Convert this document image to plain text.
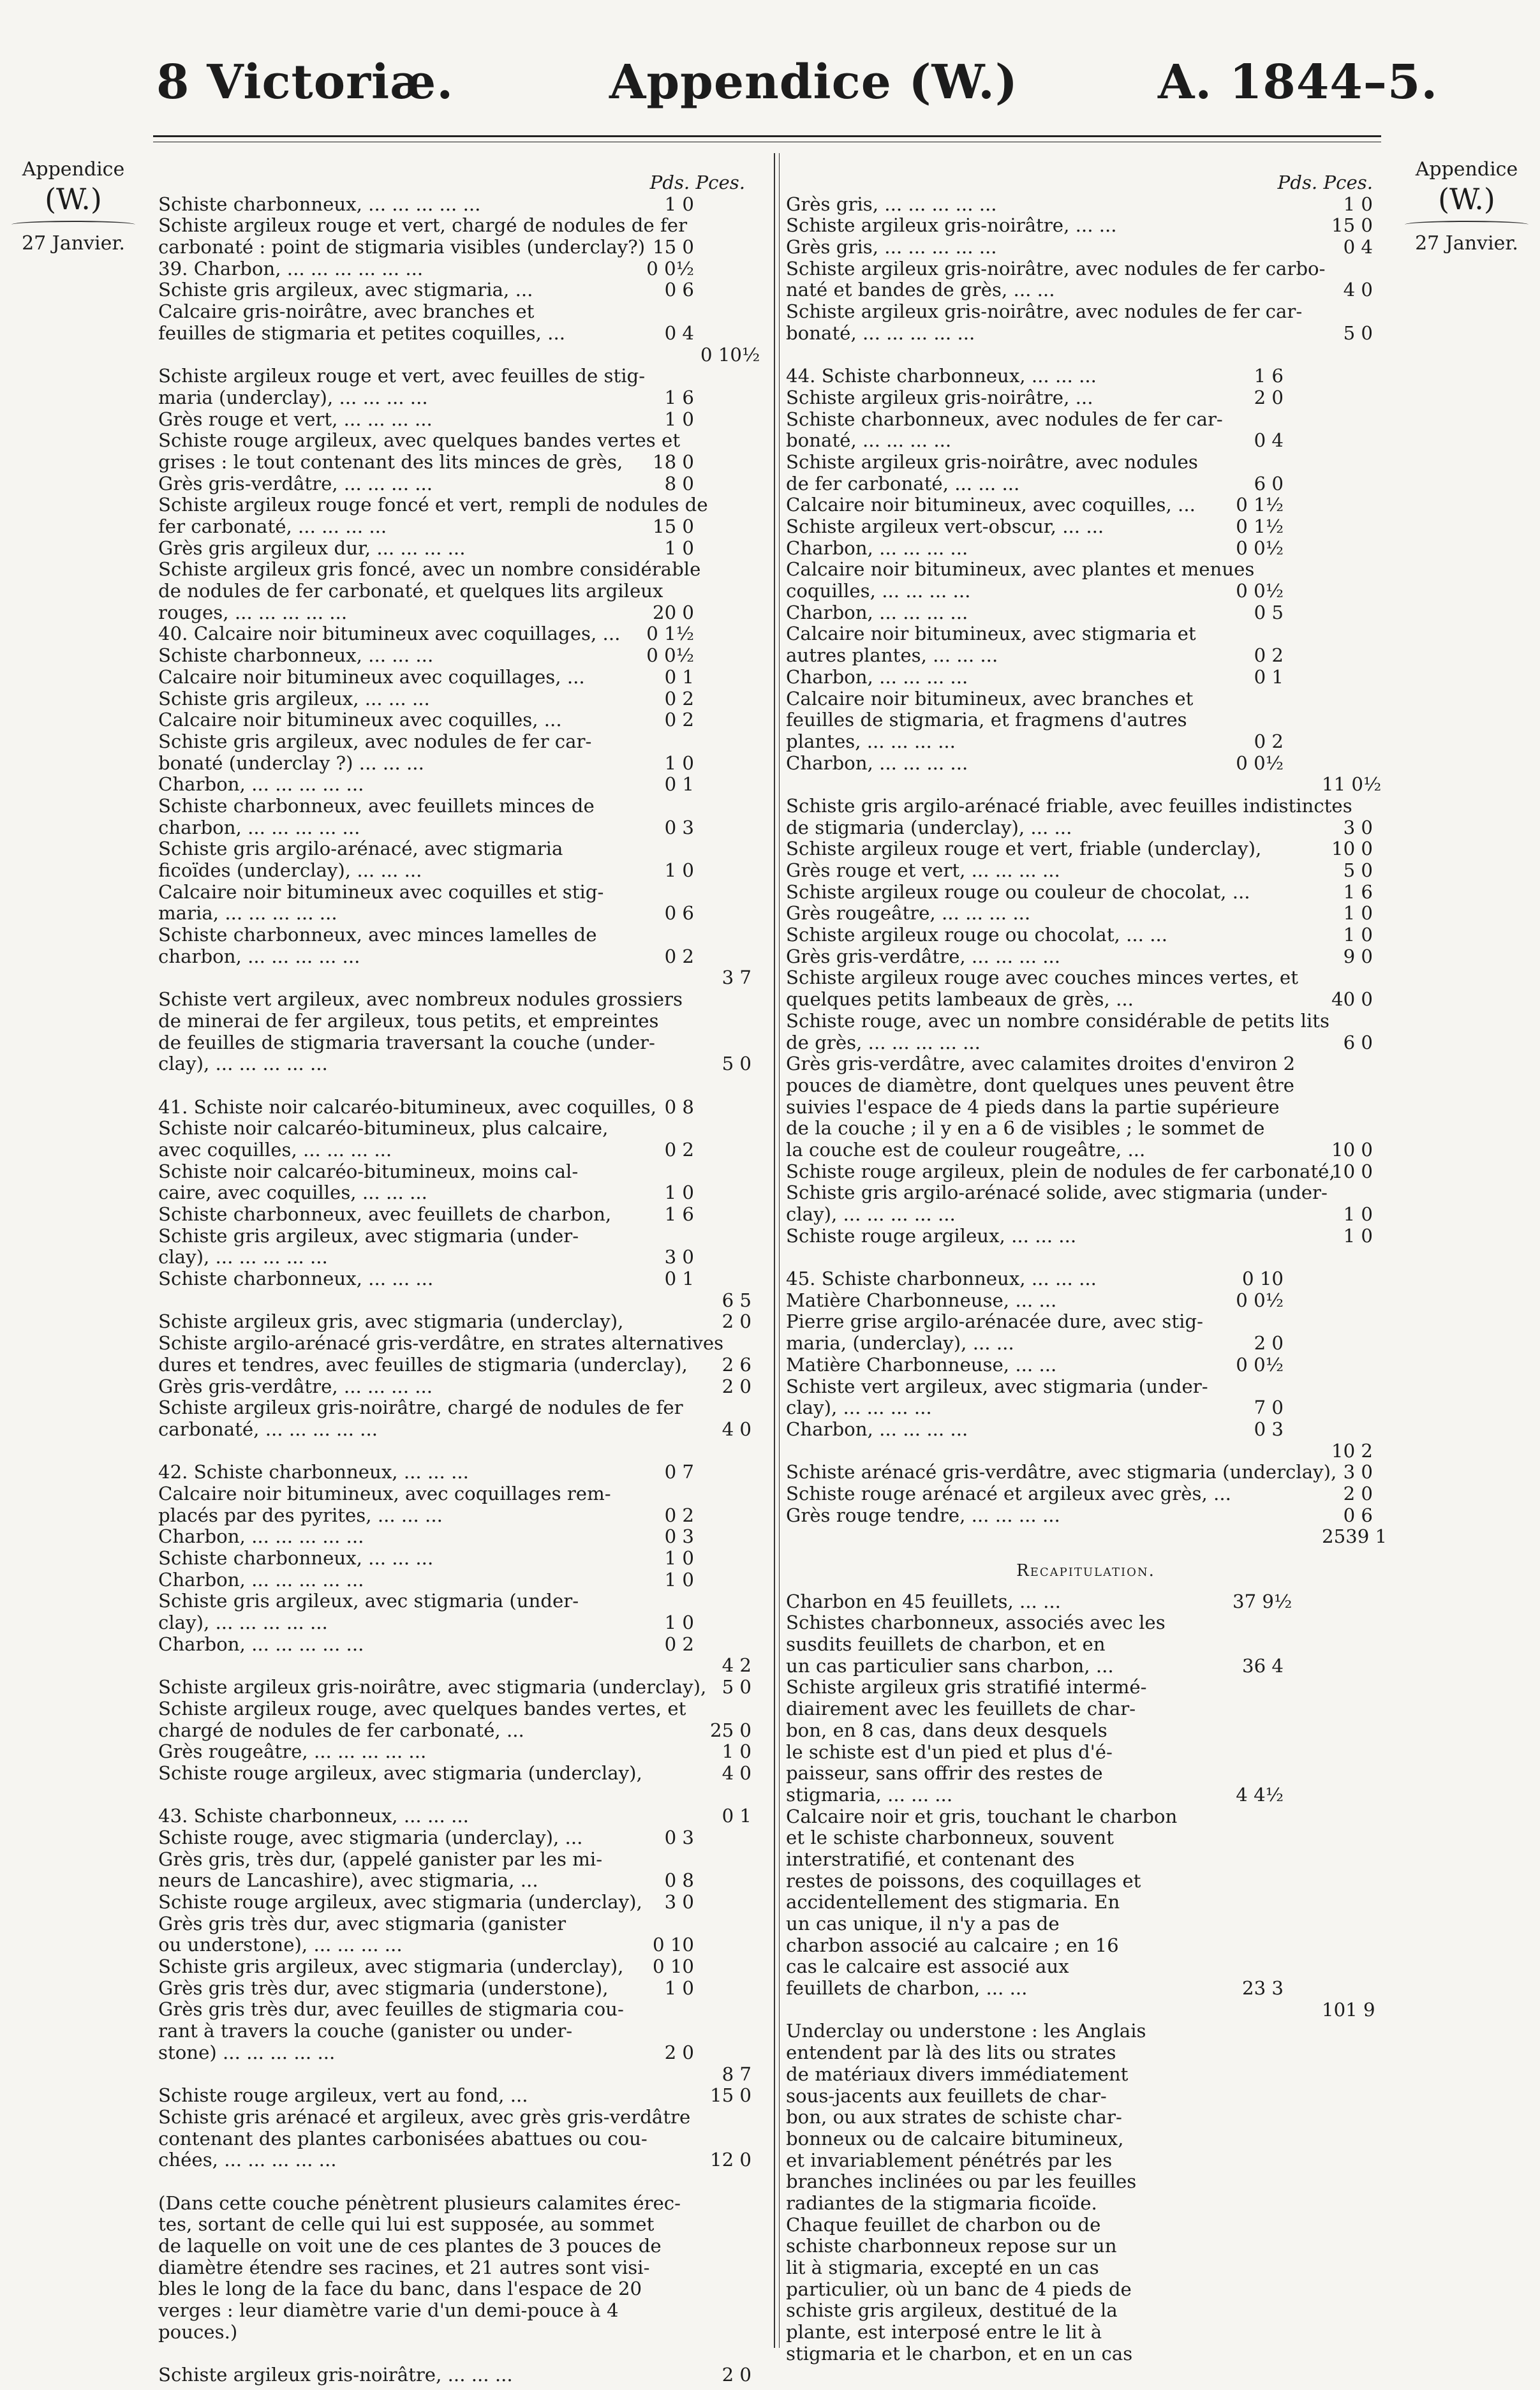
8 Victoriæ.	Appendice (W.)	A. 1844–5.
Appendice
(W.)
27 Janvier.
Appendice
(W.)
27 Janvier.
Pds. Pces.
Schiste charbonneux, ... ... ... ... ...	1 0
Schiste argileux rouge et vert, chargé de nodules de fer
carbonaté : point de stigmaria visibles (underclay?) 15 0
39. Charbon, ... ... ... ... ... ...	0 0½
Schiste gris argileux, avec stigmaria, ...	0 6
Calcaire gris-noirâtre, avec branches et
feuilles de stigmaria et petites coquilles, ...	0 4
0 10½
Schiste argileux rouge et vert, avec feuilles de stig-
maria (underclay), ... ... ... ...	1 6
Grès rouge et vert, ... ... ... ...	1 0
Schiste rouge argileux, avec quelques bandes vertes et
grises : le tout contenant des lits minces de grès,	18 0
Grès gris-verdâtre, ... ... ... ...	8 0
Schiste argileux rouge foncé et vert, rempli de nodules de
fer carbonaté, ... ... ... ...	15 0
Grès gris argileux dur, ... ... ... ...	1 0
Schiste argileux gris foncé, avec un nombre considérable
de nodules de fer carbonaté, et quelques lits argileux
rouges, ... ... ... ... ...	20 0
40. Calcaire noir bitumineux avec coquillages, ...	0 1½
Schiste charbonneux, ... ... ...	0 0½
Calcaire noir bitumineux avec coquillages, ...	0 1
Schiste gris argileux, ... ... ...	0 2
Calcaire noir bitumineux avec coquilles, ...	0 2
Schiste gris argileux, avec nodules de fer car-
bonaté (underclay ?) ... ... ...	1 0
Charbon, ... ... ... ... ...	0 1
Schiste charbonneux, avec feuillets minces de
charbon, ... ... ... ... ...	0 3
Schiste gris argilo-arénacé, avec stigmaria
ficoïdes (underclay), ... ... ...	1 0
Calcaire noir bitumineux avec coquilles et stig-
maria, ... ... ... ... ...	0 6
Schiste charbonneux, avec minces lamelles de
charbon, ... ... ... ... ...	0 2
3 7
Schiste vert argileux, avec nombreux nodules grossiers
de minerai de fer argileux, tous petits, et empreintes
de feuilles de stigmaria traversant la couche (under-
clay), ... ... ... ... ...	5 0
41. Schiste noir calcaréo-bitumineux, avec coquilles, 0 8
Schiste noir calcaréo-bitumineux, plus calcaire,
avec coquilles, ... ... ... ...	0 2
Schiste noir calcaréo-bitumineux, moins cal-
caire, avec coquilles, ... ... ...	1 0
Schiste charbonneux, avec feuillets de charbon,	1 6
Schiste gris argileux, avec stigmaria (under-
clay), ... ... ... ... ...	3 0
Schiste charbonneux, ... ... ...	0 1
6 5
Schiste argileux gris, avec stigmaria (underclay),	2 0
Schiste argilo-arénacé gris-verdâtre, en strates alternatives
dures et tendres, avec feuilles de stigmaria (underclay),	2 6
Grès gris-verdâtre, ... ... ... ...	2 0
Schiste argileux gris-noirâtre, chargé de nodules de fer
carbonaté, ... ... ... ... ...	4 0
42. Schiste charbonneux, ... ... ...	0 7
Calcaire noir bitumineux, avec coquillages rem-
placés par des pyrites, ... ... ...	0 2
Charbon, ... ... ... ... ...	0 3
Schiste charbonneux, ... ... ...	1 0
Charbon, ... ... ... ... ...	1 0
Schiste gris argileux, avec stigmaria (under-
clay), ... ... ... ... ...	1 0
Charbon, ... ... ... ... ...	0 2
4 2
Schiste argileux gris-noirâtre, avec stigmaria (underclay), 5 0
Schiste argileux rouge, avec quelques bandes vertes, et
chargé de nodules de fer carbonaté, ...	25 0
Grès rougeâtre, ... ... ... ... ...	1 0
Schiste rouge argileux, avec stigmaria (underclay),	4 0
43. Schiste charbonneux, ... ... ...	0 1
Schiste rouge, avec stigmaria (underclay), ...	0 3
Grès gris, très dur, (appelé ganister par les mi-
neurs de Lancashire), avec stigmaria, ...	0 8
Schiste rouge argileux, avec stigmaria (underclay),	3 0
Grès gris très dur, avec stigmaria (ganister
ou understone), ... ... ... ...	0 10
Schiste gris argileux, avec stigmaria (underclay),	0 10
Grès gris très dur, avec stigmaria (understone),	1 0
Grès gris très dur, avec feuilles de stigmaria cou-
rant à travers la couche (ganister ou under-
stone) ... ... ... ... ...	2 0
8 7
Schiste rouge argileux, vert au fond, ...	15 0
Schiste gris arénacé et argileux, avec grès gris-verdâtre
contenant des plantes carbonisées abattues ou cou-
chées, ... ... ... ... ...	12 0
(Dans cette couche pénètrent plusieurs calamites érec-
tes, sortant de celle qui lui est supposée, au sommet
de laquelle on voit une de ces plantes de 3 pouces de
diamètre étendre ses racines, et 21 autres sont visi-
bles le long de la face du banc, dans l'espace de 20
verges : leur diamètre varie d'un demi-pouce à 4
pouces.)
Schiste argileux gris-noirâtre, ... ... ...	2 0
Pds. Pces.
Grès gris, ... ... ... ... ...	1 0
Schiste argileux gris-noirâtre, ... ...	15 0
Grès gris, ... ... ... ... ...	0 4
Schiste argileux gris-noirâtre, avec nodules de fer carbo-
naté et bandes de grès, ... ...	4 0
Schiste argileux gris-noirâtre, avec nodules de fer car-
bonaté, ... ... ... ... ...	5 0
44. Schiste charbonneux, ... ... ...	1 6
Schiste argileux gris-noirâtre, ...	2 0
Schiste charbonneux, avec nodules de fer car-
bonaté, ... ... ... ...	0 4
Schiste argileux gris-noirâtre, avec nodules
de fer carbonaté, ... ... ...	6 0
Calcaire noir bitumineux, avec coquilles, ...	0 1½
Schiste argileux vert-obscur, ... ...	0 1½
Charbon, ... ... ... ...	0 0½
Calcaire noir bitumineux, avec plantes et menues
coquilles, ... ... ... ...	0 0½
Charbon, ... ... ... ...	0 5
Calcaire noir bitumineux, avec stigmaria et
autres plantes, ... ... ...	0 2
Charbon, ... ... ... ...	0 1
Calcaire noir bitumineux, avec branches et
feuilles de stigmaria, et fragmens d'autres
plantes, ... ... ... ...	0 2
Charbon, ... ... ... ...	0 0½
11 0½
Schiste gris argilo-arénacé friable, avec feuilles indistinctes
de stigmaria (underclay), ... ...	3 0
Schiste argileux rouge et vert, friable (underclay),	10 0
Grès rouge et vert, ... ... ... ...	5 0
Schiste argileux rouge ou couleur de chocolat, ...	1 6
Grès rougeâtre, ... ... ... ...	1 0
Schiste argileux rouge ou chocolat, ... ...	1 0
Grès gris-verdâtre, ... ... ... ...	9 0
Schiste argileux rouge avec couches minces vertes, et
quelques petits lambeaux de grès, ...	40 0
Schiste rouge, avec un nombre considérable de petits lits
de grès, ... ... ... ... ...	6 0
Grès gris-verdâtre, avec calamites droites d'environ 2
pouces de diamètre, dont quelques unes peuvent être
suivies l'espace de 4 pieds dans la partie supérieure
de la couche ; il y en a 6 de visibles ; le sommet de
la couche est de couleur rougeâtre, ...	10 0
Schiste rouge argileux, plein de nodules de fer carbonaté,
10 0
Schiste gris argilo-arénacé solide, avec stigmaria (under-
clay), ... ... ... ... ...	1 0
Schiste rouge argileux, ... ... ...	1 0
45. Schiste charbonneux, ... ... ...	0 10
Matière Charbonneuse, ... ...	0 0½
Pierre grise argilo-arénacée dure, avec stig-
maria, (underclay), ... ...	2 0
Matière Charbonneuse, ... ...	0 0½
Schiste vert argileux, avec stigmaria (under-
clay), ... ... ... ...	7 0
Charbon, ... ... ... ...	0 3
10 2
Schiste arénacé gris-verdâtre, avec stigmaria (underclay), 3 0
Schiste rouge arénacé et argileux avec grès, ...	2 0
Grès rouge tendre, ... ... ... ...	0 6
2539 1
Recapitulation.
Charbon en 45 feuillets, ... ...	37 9½
Schistes charbonneux, associés avec les
susdits feuillets de charbon, et en
un cas particulier sans charbon, ...	36 4
Schiste argileux gris stratifié intermé-
diairement avec les feuillets de char-
bon, en 8 cas, dans deux desquels
le schiste est d'un pied et plus d'é-
paisseur, sans offrir des restes de
stigmaria, ... ... ...	4 4½
Calcaire noir et gris, touchant le charbon
et le schiste charbonneux, souvent
interstratifié, et contenant des
restes de poissons, des coquillages et
accidentellement des stigmaria. En
un cas unique, il n'y a pas de
charbon associé au calcaire ; en 16
cas le calcaire est associé aux
feuillets de charbon, ... ...	23 3
101 9
Underclay ou understone : les Anglais
entendent par là des lits ou strates
de matériaux divers immédiatement
sous-jacents aux feuillets de char-
bon, ou aux strates de schiste char-
bonneux ou de calcaire bitumineux,
et invariablement pénétrés par les
branches inclinées ou par les feuilles
radiantes de la stigmaria ficoïde.
Chaque feuillet de charbon ou de
schiste charbonneux repose sur un
lit à stigmaria, excepté en un cas
particulier, où un banc de 4 pieds de
schiste gris argileux, destitué de la
plante, est interposé entre le lit à
stigmaria et le charbon, et en un cas
